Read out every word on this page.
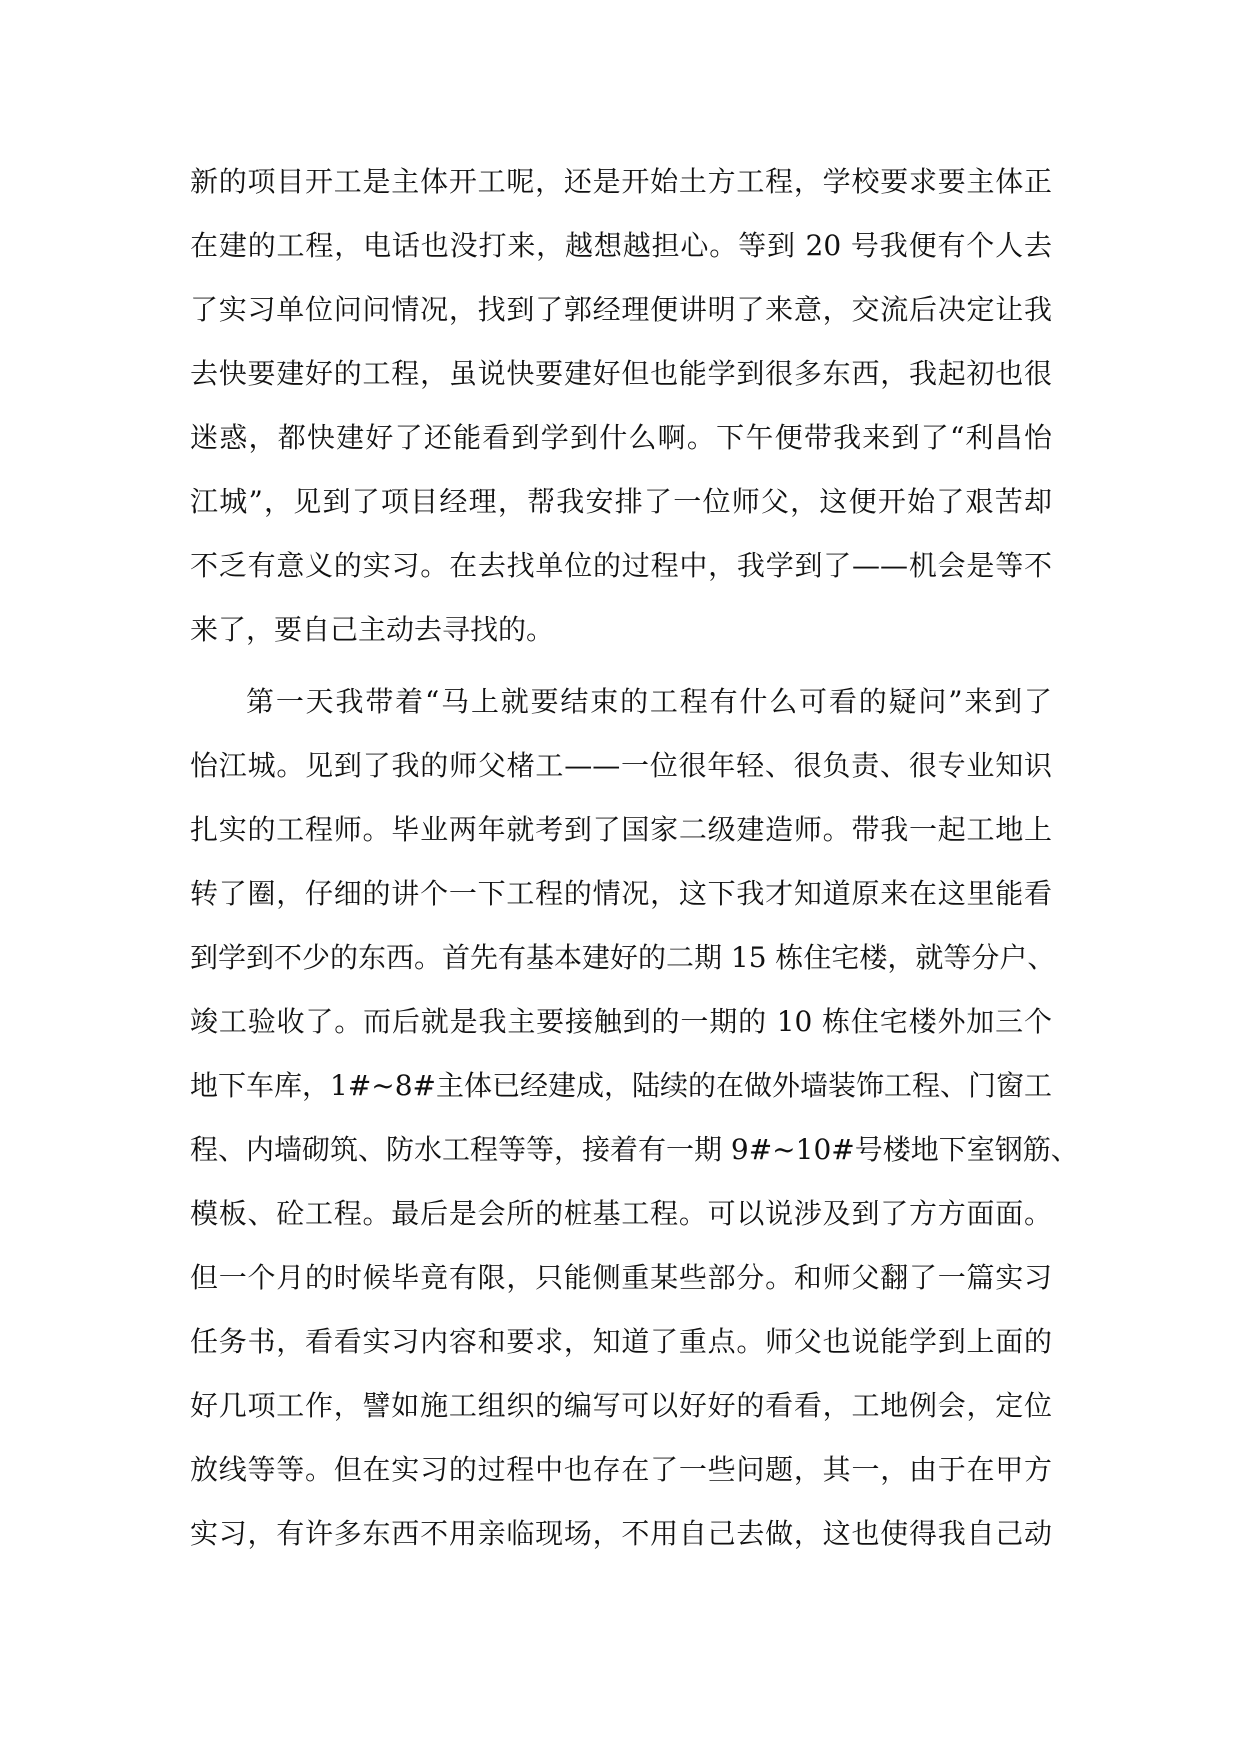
新的项目开工是主体开工呢，还是开始土方工程，学校要求要主体正
在建的工程，电话也没打来，越想越担心。等到 20 号我便有个人去
了实习单位问问情况，找到了郭经理便讲明了来意，交流后决定让我
去快要建好的工程，虽说快要建好但也能学到很多东西，我起初也很
迷惑，都快建好了还能看到学到什么啊。下午便带我来到了“利昌怡
江城”，见到了项目经理，帮我安排了一位师父，这便开始了艰苦却
不乏有意义的实习。在去找单位的过程中，我学到了——机会是等不
来了，要自己主动去寻找的。
第一天我带着“马上就要结束的工程有什么可看的疑问”来到了
怡江城。见到了我的师父楮工——一位很年轻、很负责、很专业知识
扎实的工程师。毕业两年就考到了国家二级建造师。带我一起工地上
转了圈，仔细的讲个一下工程的情况，这下我才知道原来在这里能看
到学到不少的东西。首先有基本建好的二期 15 栋住宅楼，就等分户、
竣工验收了。而后就是我主要接触到的一期的 10 栋住宅楼外加三个
地下车库，1#~8#主体已经建成，陆续的在做外墙装饰工程、门窗工
程、内墙砌筑、防水工程等等，接着有一期 9#~10#号楼地下室钢筋、
模板、砼工程。最后是会所的桩基工程。可以说涉及到了方方面面。
但一个月的时候毕竟有限，只能侧重某些部分。和师父翻了一篇实习
任务书，看看实习内容和要求，知道了重点。师父也说能学到上面的
好几项工作，譬如施工组织的编写可以好好的看看，工地例会，定位
放线等等。但在实习的过程中也存在了一些问题，其一，由于在甲方
实习，有许多东西不用亲临现场，不用自己去做，这也使得我自己动
